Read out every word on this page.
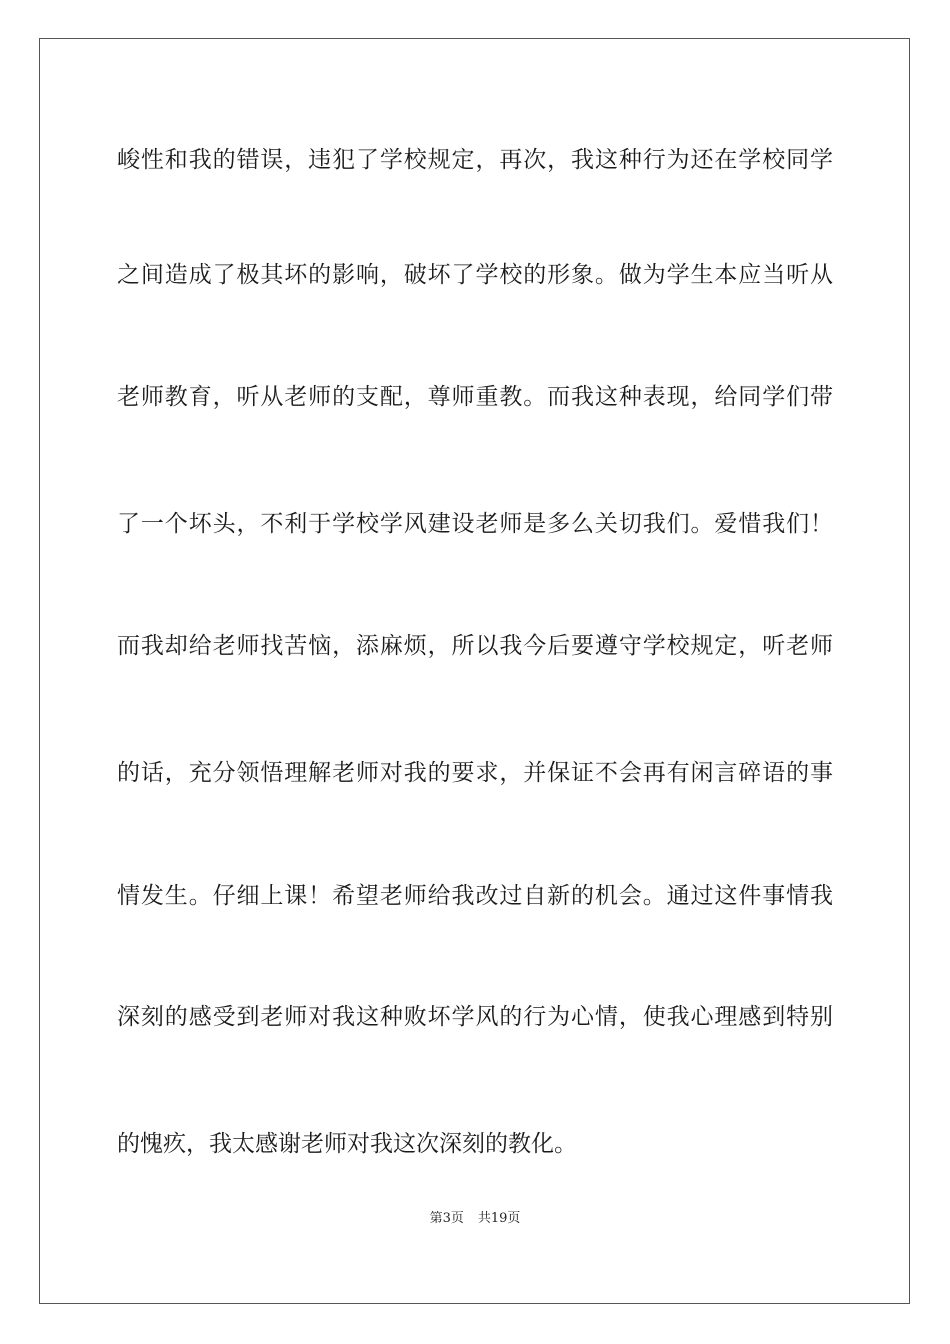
峻性和我的错误，违犯了学校规定，再次，我这种行为还在学校同学
之间造成了极其坏的影响，破坏了学校的形象。做为学生本应当听从
老师教育，听从老师的支配，尊师重教。而我这种表现，给同学们带
了一个坏头，不利于学校学风建设老师是多么关切我们。爱惜我们！
而我却给老师找苦恼，添麻烦，所以我今后要遵守学校规定，听老师
的话，充分领悟理解老师对我的要求，并保证不会再有闲言碎语的事
情发生。仔细上课！希望老师给我改过自新的机会。通过这件事情我
深刻的感受到老师对我这种败坏学风的行为心情，使我心理感到特别
的愧疚，我太感谢老师对我这次深刻的教化。
第3页 共19页
